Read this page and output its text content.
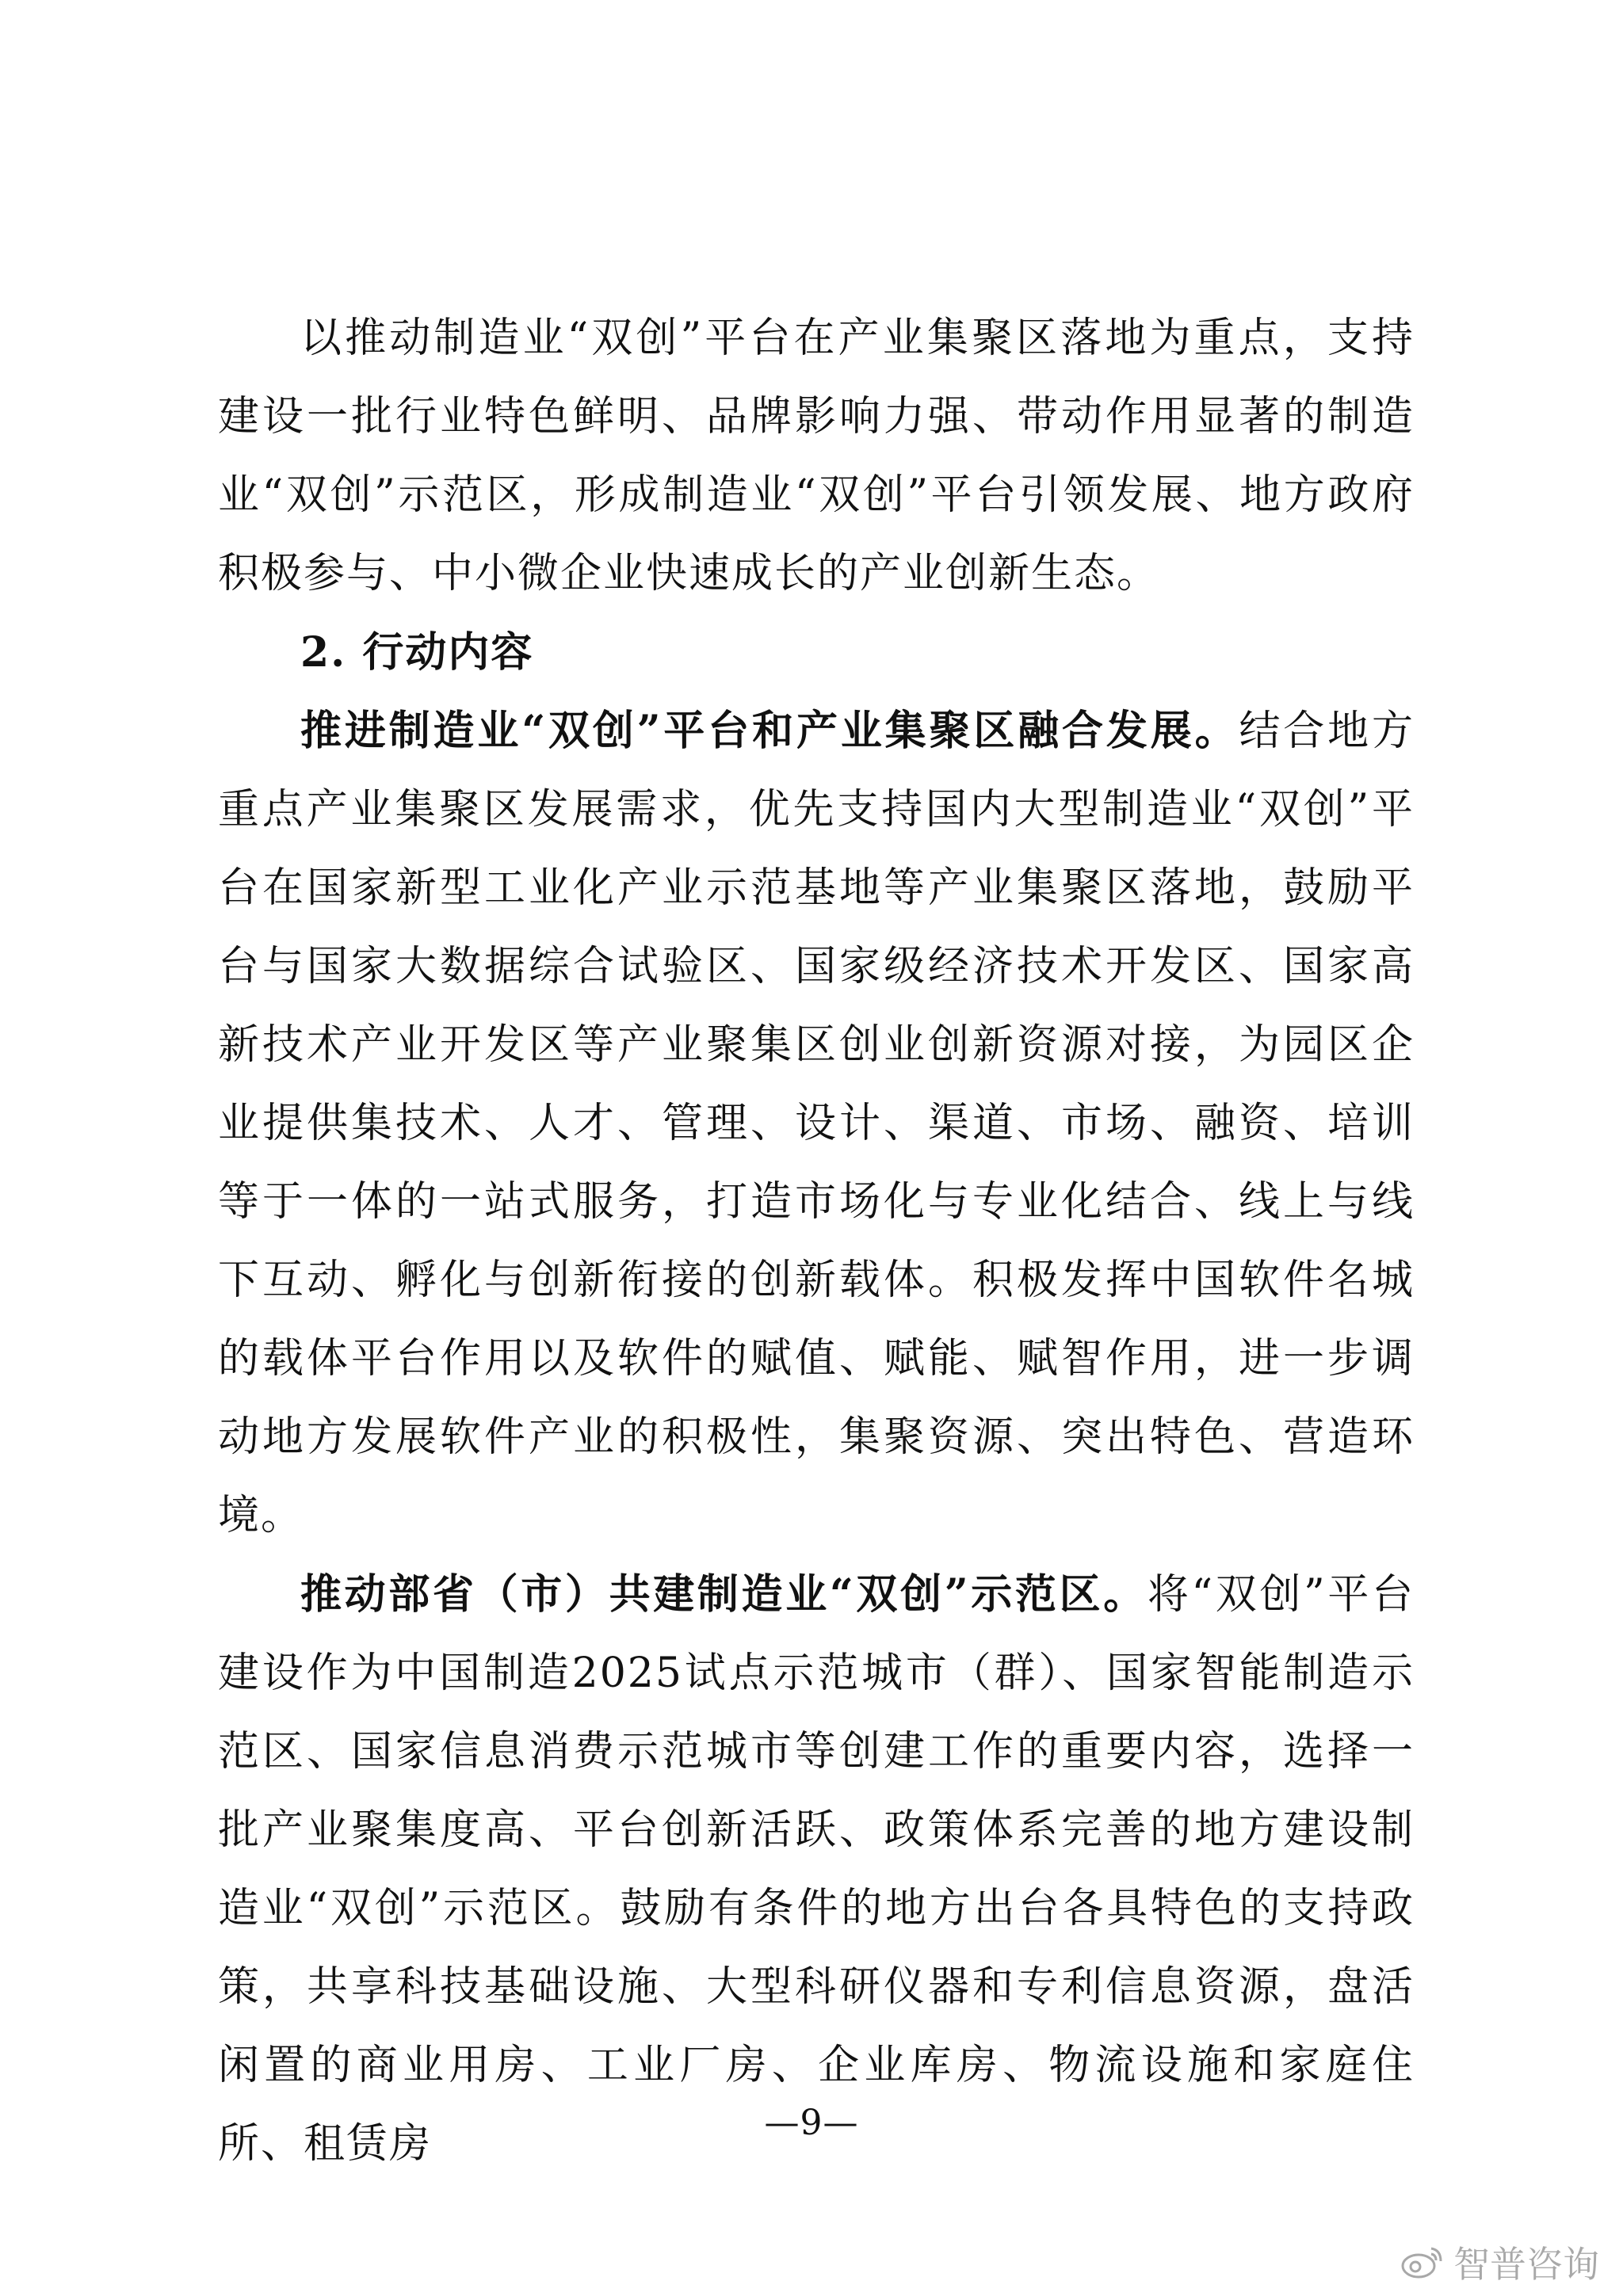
以推动制造业“双创”平台在产业集聚区落地为重点，支持建设一批行业特色鲜明、品牌影响力强、带动作用显著的制造业“双创”示范区，形成制造业“双创”平台引领发展、地方政府积极参与、中小微企业快速成长的产业创新生态。

2. 行动内容

推进制造业“双创”平台和产业集聚区融合发展。结合地方重点产业集聚区发展需求，优先支持国内大型制造业“双创”平台在国家新型工业化产业示范基地等产业集聚区落地，鼓励平台与国家大数据综合试验区、国家级经济技术开发区、国家高新技术产业开发区等产业聚集区创业创新资源对接，为园区企业提供集技术、人才、管理、设计、渠道、市场、融资、培训等于一体的一站式服务，打造市场化与专业化结合、线上与线下互动、孵化与创新衔接的创新载体。积极发挥中国软件名城的载体平台作用以及软件的赋值、赋能、赋智作用，进一步调动地方发展软件产业的积极性，集聚资源、突出特色、营造环境。

推动部省（市）共建制造业“双创”示范区。将“双创”平台建设作为中国制造2025试点示范城市（群）、国家智能制造示范区、国家信息消费示范城市等创建工作的重要内容，选择一批产业聚集度高、平台创新活跃、政策体系完善的地方建设制造业“双创”示范区。鼓励有条件的地方出台各具特色的支持政策，共享科技基础设施、大型科研仪器和专利信息资源，盘活闲置的商业用房、工业厂房、企业库房、物流设施和家庭住所、租赁房	—9—
智普咨询
